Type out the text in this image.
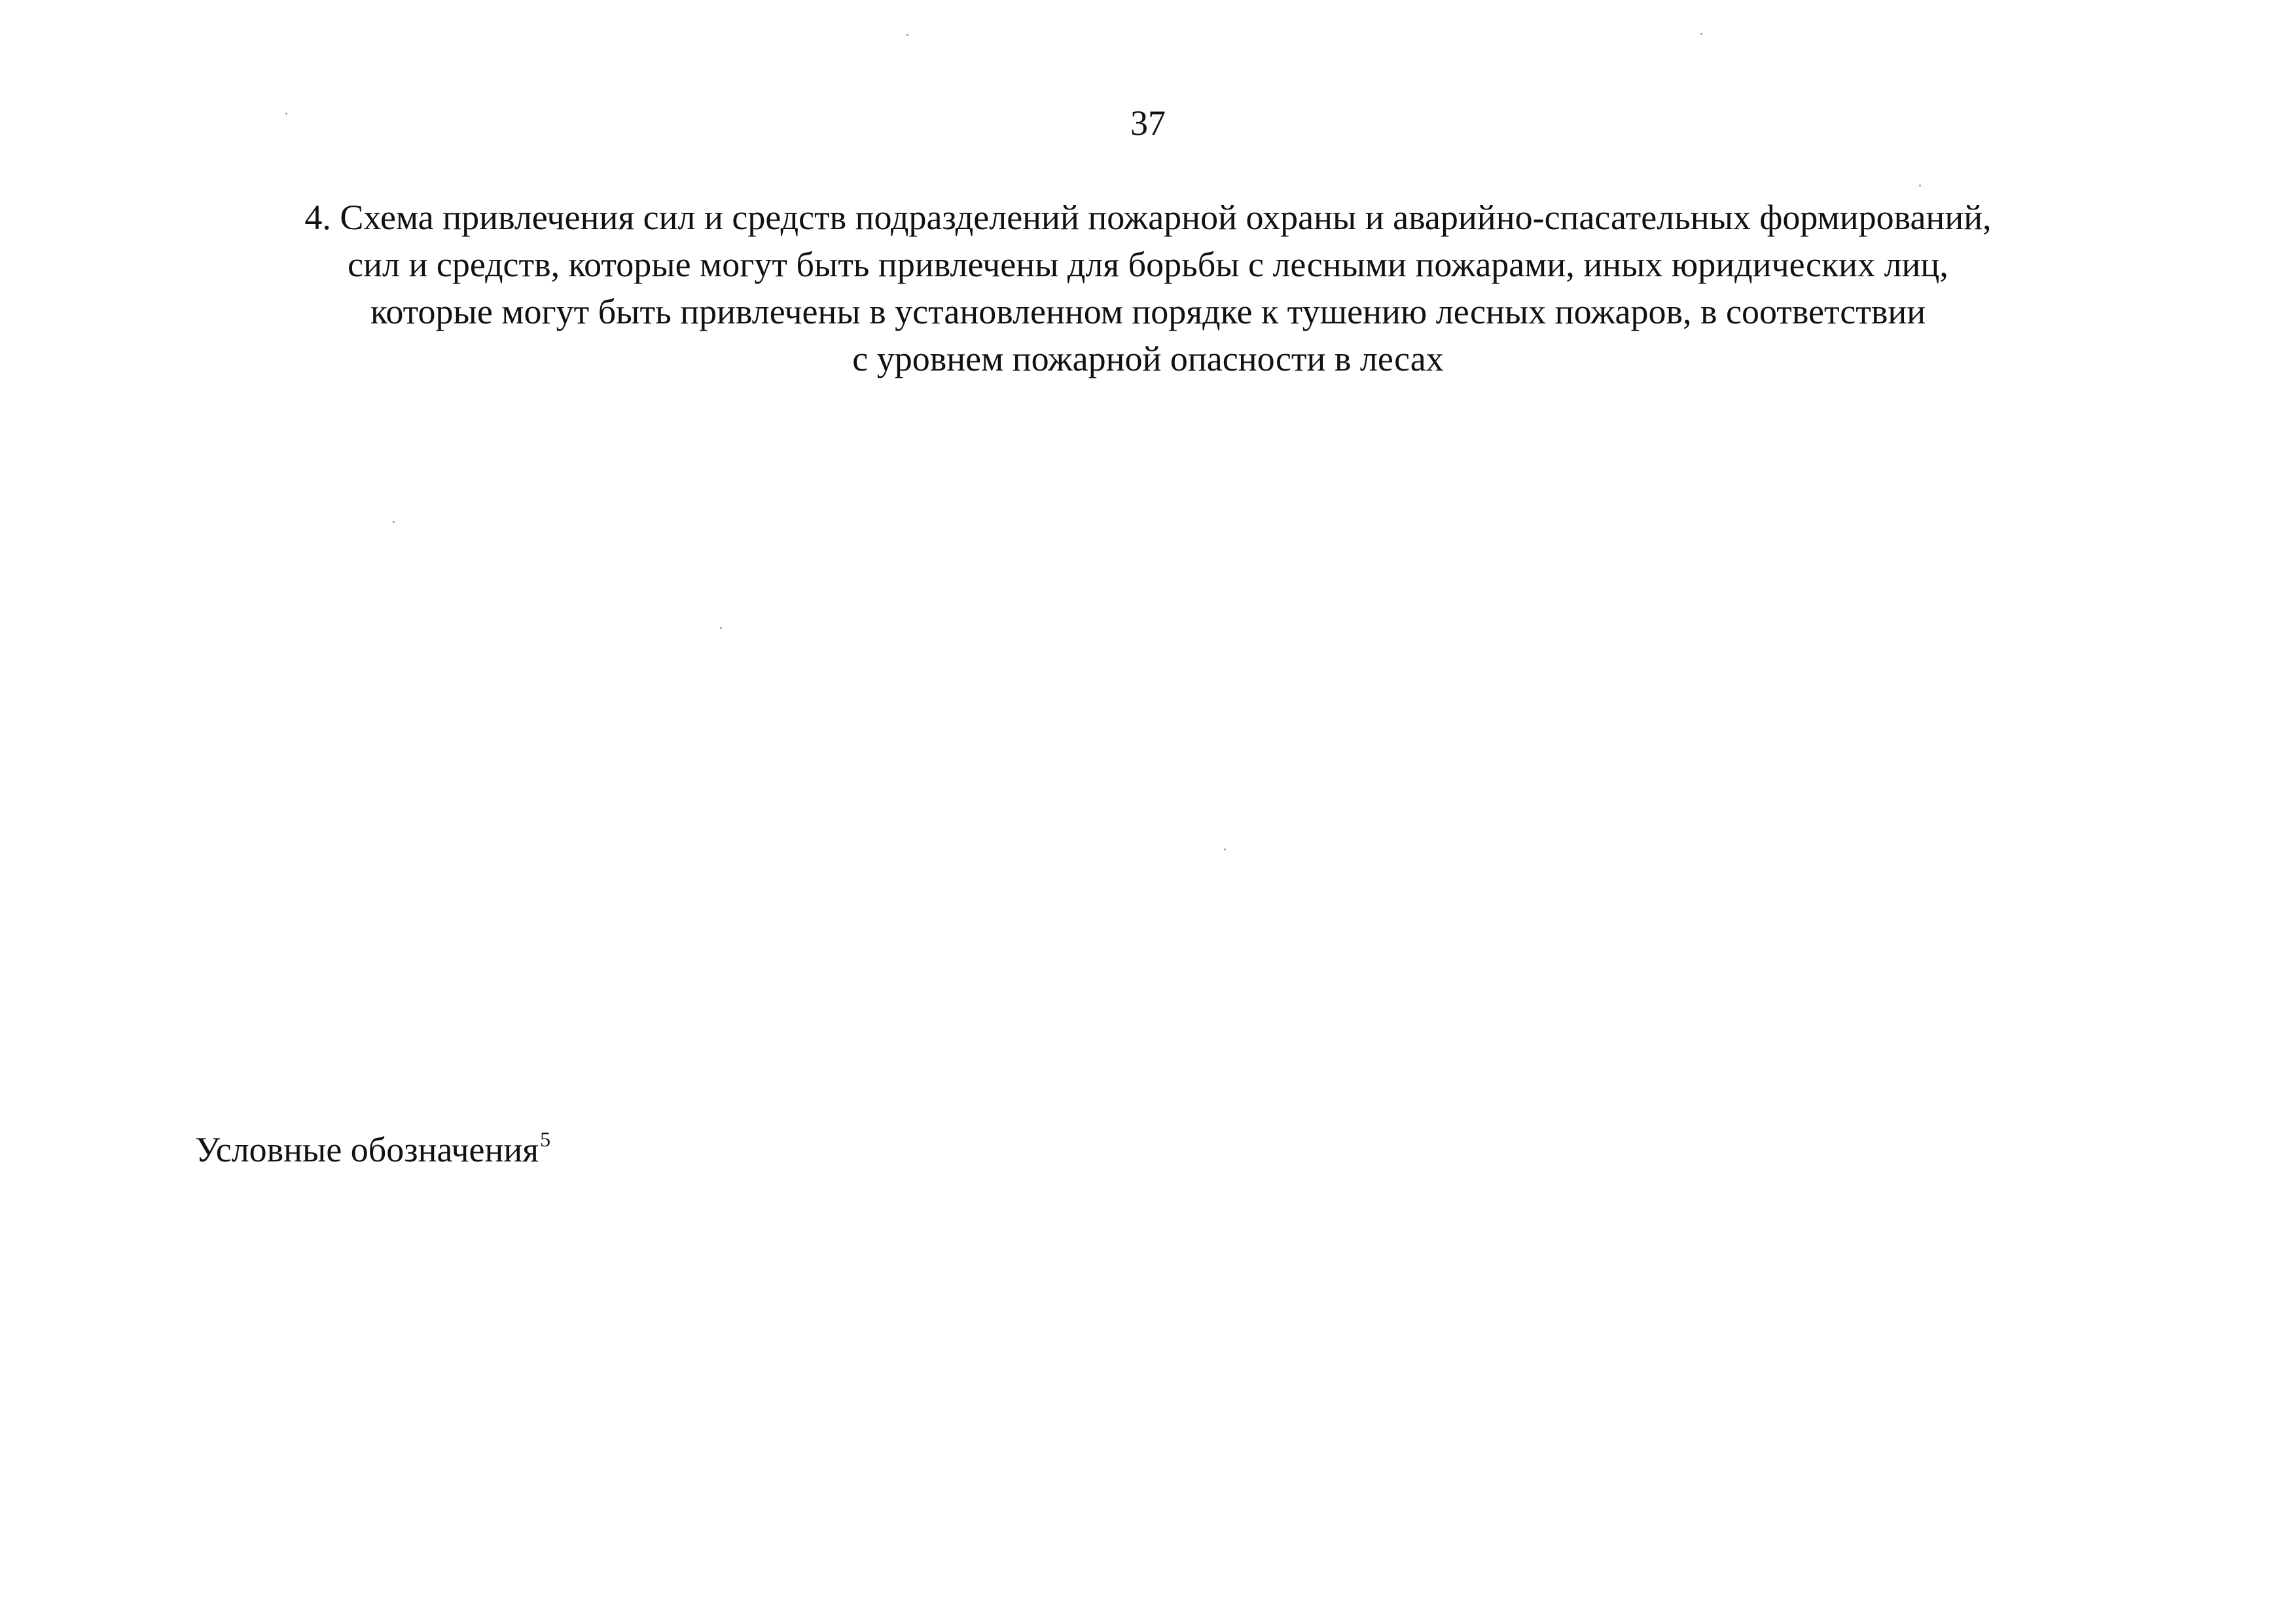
37
4. Схема привлечения сил и средств подразделений пожарной охраны и аварийно-спасательных формирований,
сил и средств, которые могут быть привлечены для борьбы с лесными пожарами, иных юридических лиц,
которые могут быть привлечены в установленном порядке к тушению лесных пожаров, в соответствии
с уровнем пожарной опасности в лесах
Условные обозначения$^5$
